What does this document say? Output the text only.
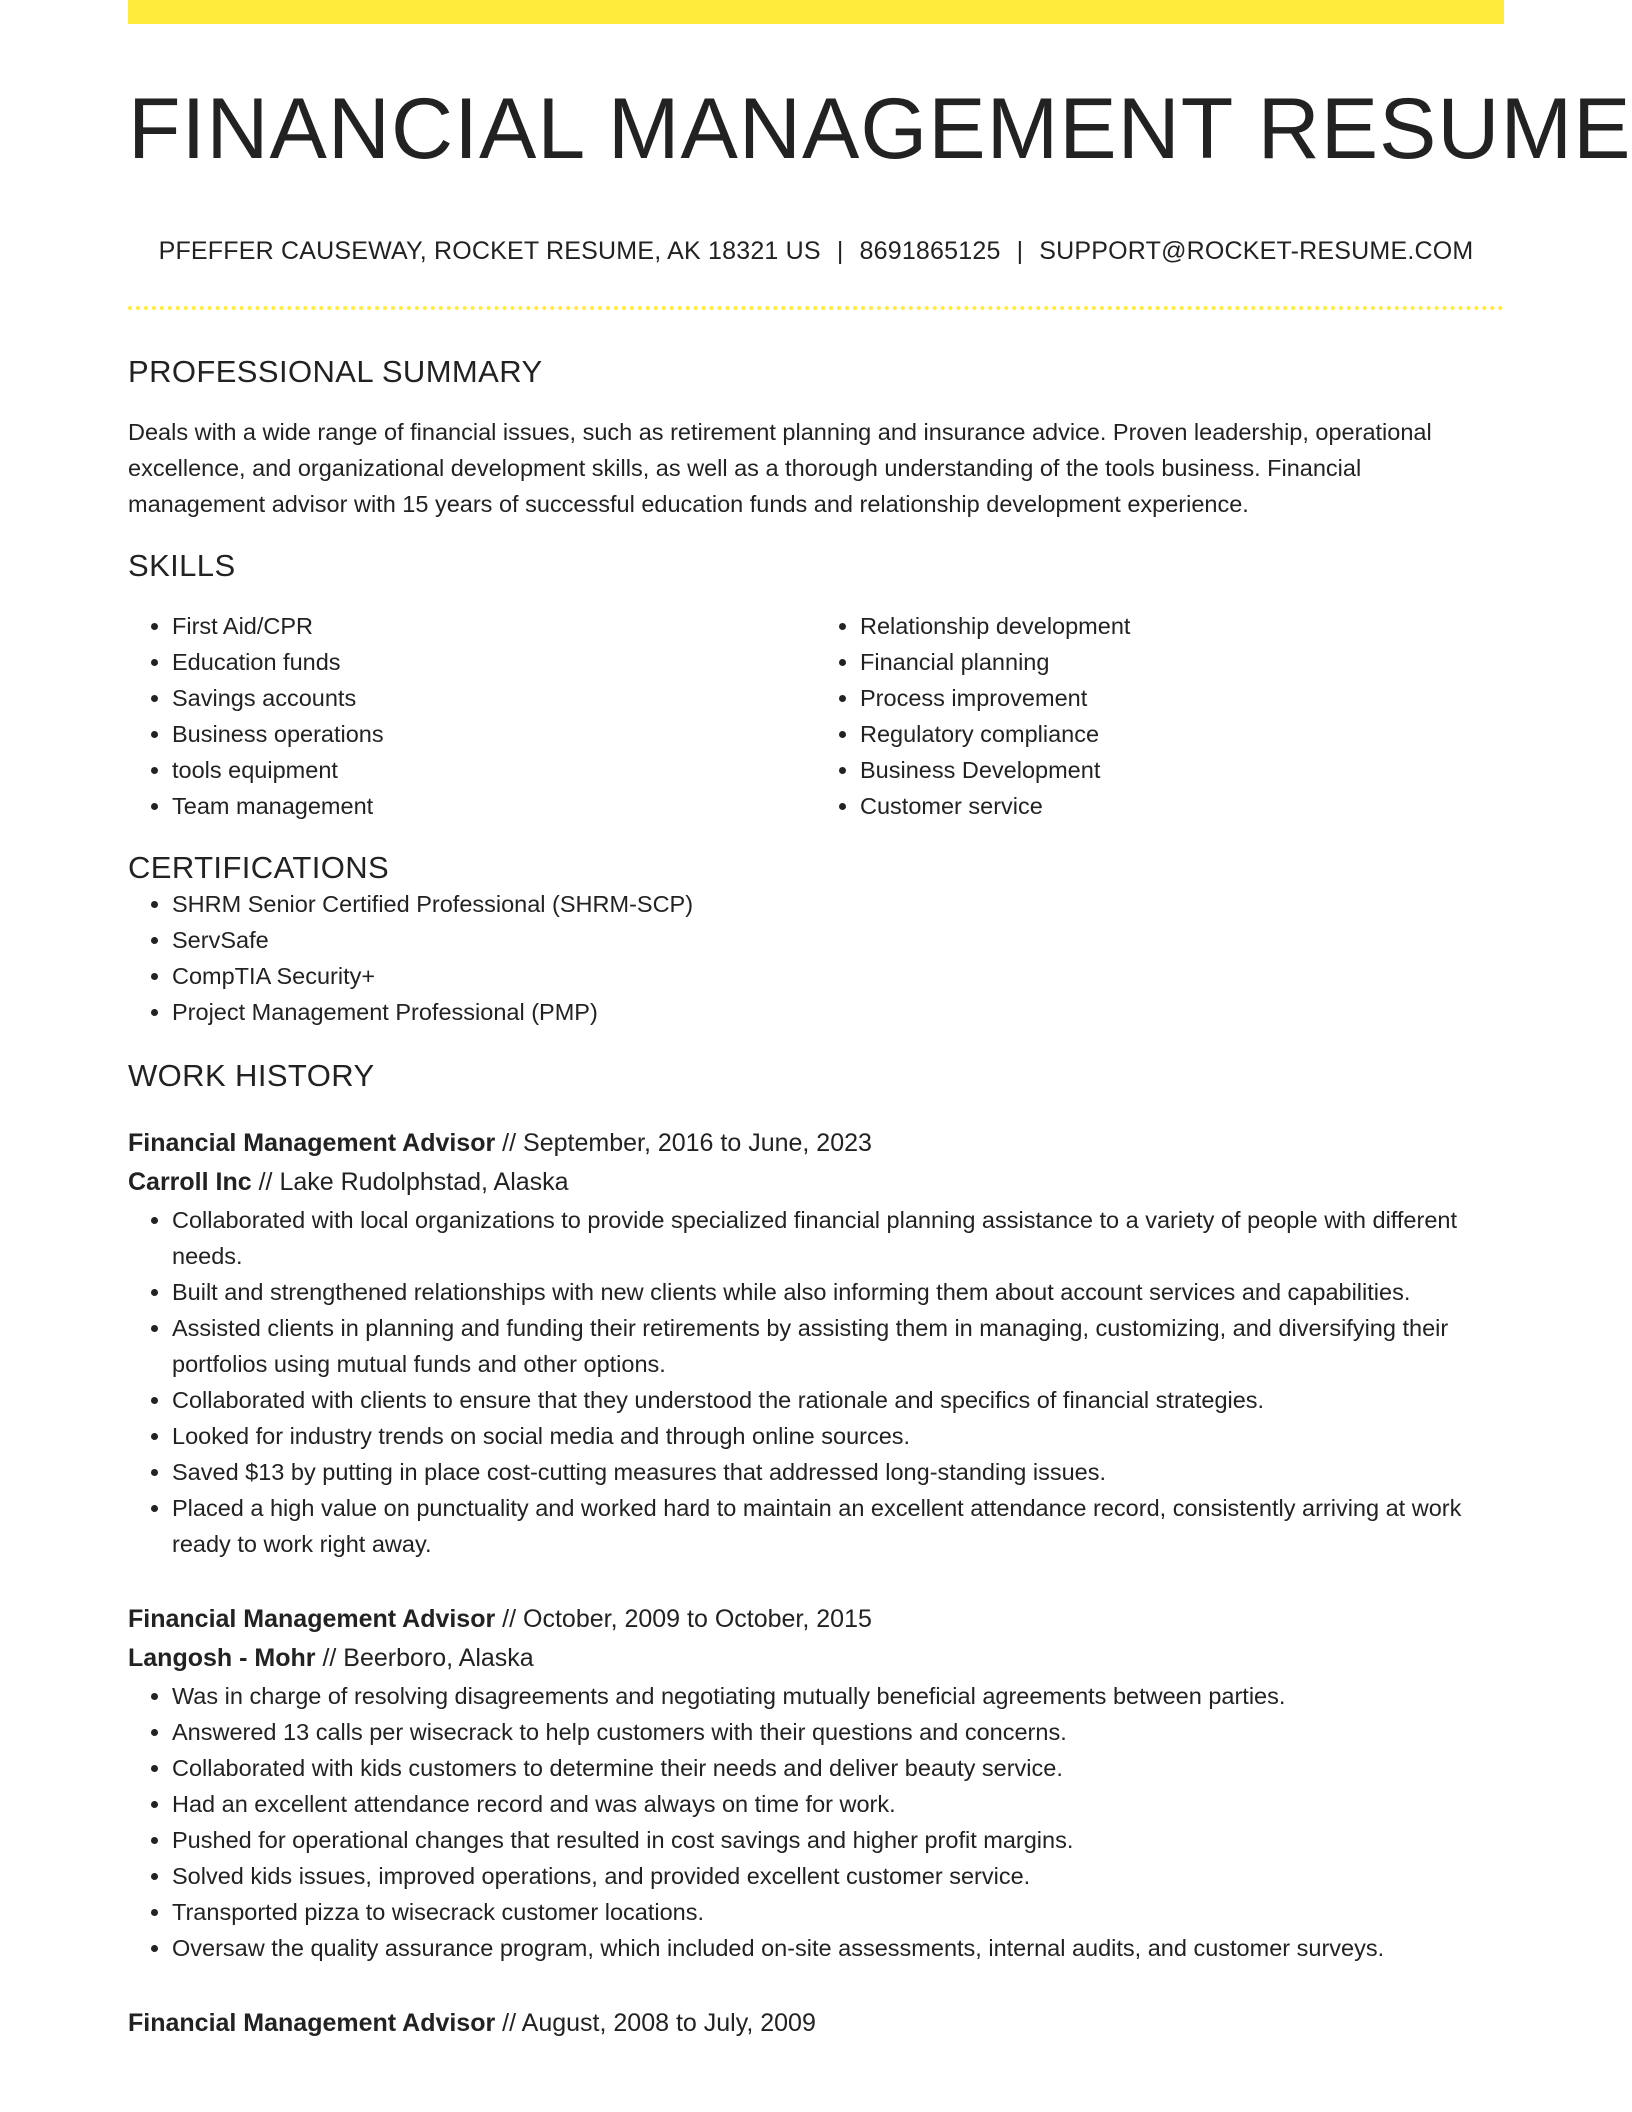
FINANCIAL MANAGEMENT RESUME
PFEFFER CAUSEWAY, ROCKET RESUME, AK 18321 US | 8691865125 | SUPPORT@ROCKET-RESUME.COM
PROFESSIONAL SUMMARY
Deals with a wide range of financial issues, such as retirement planning and insurance advice. Proven leadership, operational excellence, and organizational development skills, as well as a thorough understanding of the tools business. Financial management advisor with 15 years of successful education funds and relationship development experience.
SKILLS
• First Aid/CPR
• Education funds
• Savings accounts
• Business operations
• tools equipment
• Team management
• Relationship development
• Financial planning
• Process improvement
• Regulatory compliance
• Business Development
• Customer service
CERTIFICATIONS
• SHRM Senior Certified Professional (SHRM-SCP)
• ServSafe
• CompTIA Security+
• Project Management Professional (PMP)
WORK HISTORY
Financial Management Advisor // September, 2016 to June, 2023
Carroll Inc // Lake Rudolphstad, Alaska
• Collaborated with local organizations to provide specialized financial planning assistance to a variety of people with different needs.
• Built and strengthened relationships with new clients while also informing them about account services and capabilities.
• Assisted clients in planning and funding their retirements by assisting them in managing, customizing, and diversifying their portfolios using mutual funds and other options.
• Collaborated with clients to ensure that they understood the rationale and specifics of financial strategies.
• Looked for industry trends on social media and through online sources.
• Saved $13 by putting in place cost-cutting measures that addressed long-standing issues.
• Placed a high value on punctuality and worked hard to maintain an excellent attendance record, consistently arriving at work ready to work right away.
Financial Management Advisor // October, 2009 to October, 2015
Langosh - Mohr // Beerboro, Alaska
• Was in charge of resolving disagreements and negotiating mutually beneficial agreements between parties.
• Answered 13 calls per wisecrack to help customers with their questions and concerns.
• Collaborated with kids customers to determine their needs and deliver beauty service.
• Had an excellent attendance record and was always on time for work.
• Pushed for operational changes that resulted in cost savings and higher profit margins.
• Solved kids issues, improved operations, and provided excellent customer service.
• Transported pizza to wisecrack customer locations.
• Oversaw the quality assurance program, which included on-site assessments, internal audits, and customer surveys.
Financial Management Advisor // August, 2008 to July, 2009
